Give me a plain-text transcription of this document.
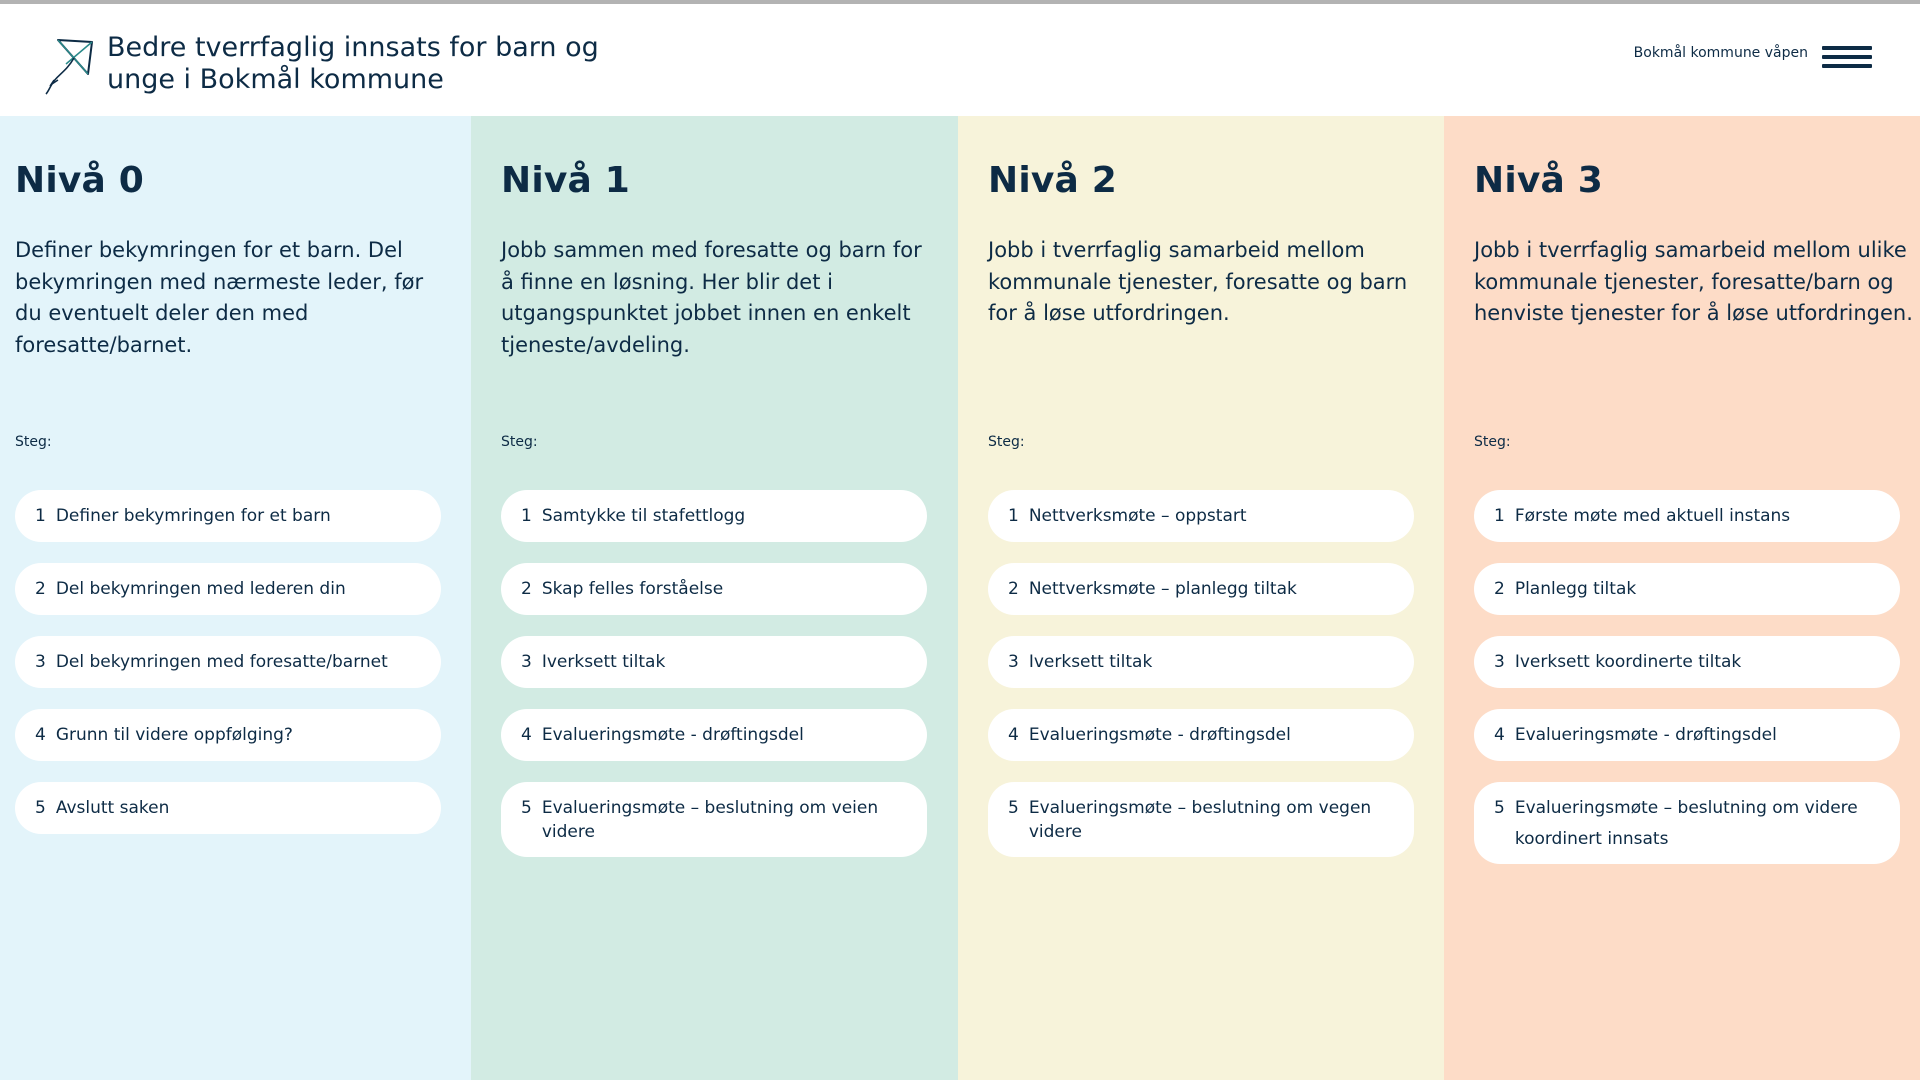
Bedre tverrfaglig innsats for barn og unge i Bokmål kommune
Bokmål kommune våpen
Nivå 0

Definer bekymringen for et barn. Del bekymringen med nærmeste leder, før du eventuelt deler den med foresatte/barnet.

Steg:
1 Definer bekymringen for et barn
2 Del bekymringen med lederen din
3 Del bekymringen med foresatte/barnet
4 Grunn til videre oppfølging?
5 Avslutt saken
Nivå 1

Jobb sammen med foresatte og barn for å finne en løsning. Her blir det i utgangspunktet jobbet innen en enkelt tjeneste/avdeling.

Steg:
1 Samtykke til stafettlogg
2 Skap felles forståelse
3 Iverksett tiltak
4 Evalueringsmøte - drøftingsdel
5 Evalueringsmøte – beslutning om veien videre
Nivå 2

Jobb i tverrfaglig samarbeid mellom kommunale tjenester, foresatte og barn for å løse utfordringen.

Steg:
1 Nettverksmøte – oppstart
2 Nettverksmøte – planlegg tiltak
3 Iverksett tiltak
4 Evalueringsmøte - drøftingsdel
5 Evalueringsmøte – beslutning om vegen videre
Nivå 3

Jobb i tverrfaglig samarbeid mellom ulike kommunale tjenester, foresatte/barn og henviste tjenester for å løse utfordringen.

Steg:
1 Første møte med aktuell instans
2 Planlegg tiltak
3 Iverksett koordinerte tiltak
4 Evalueringsmøte - drøftingsdel
5 Evalueringsmøte – beslutning om videre koordinert innsats
